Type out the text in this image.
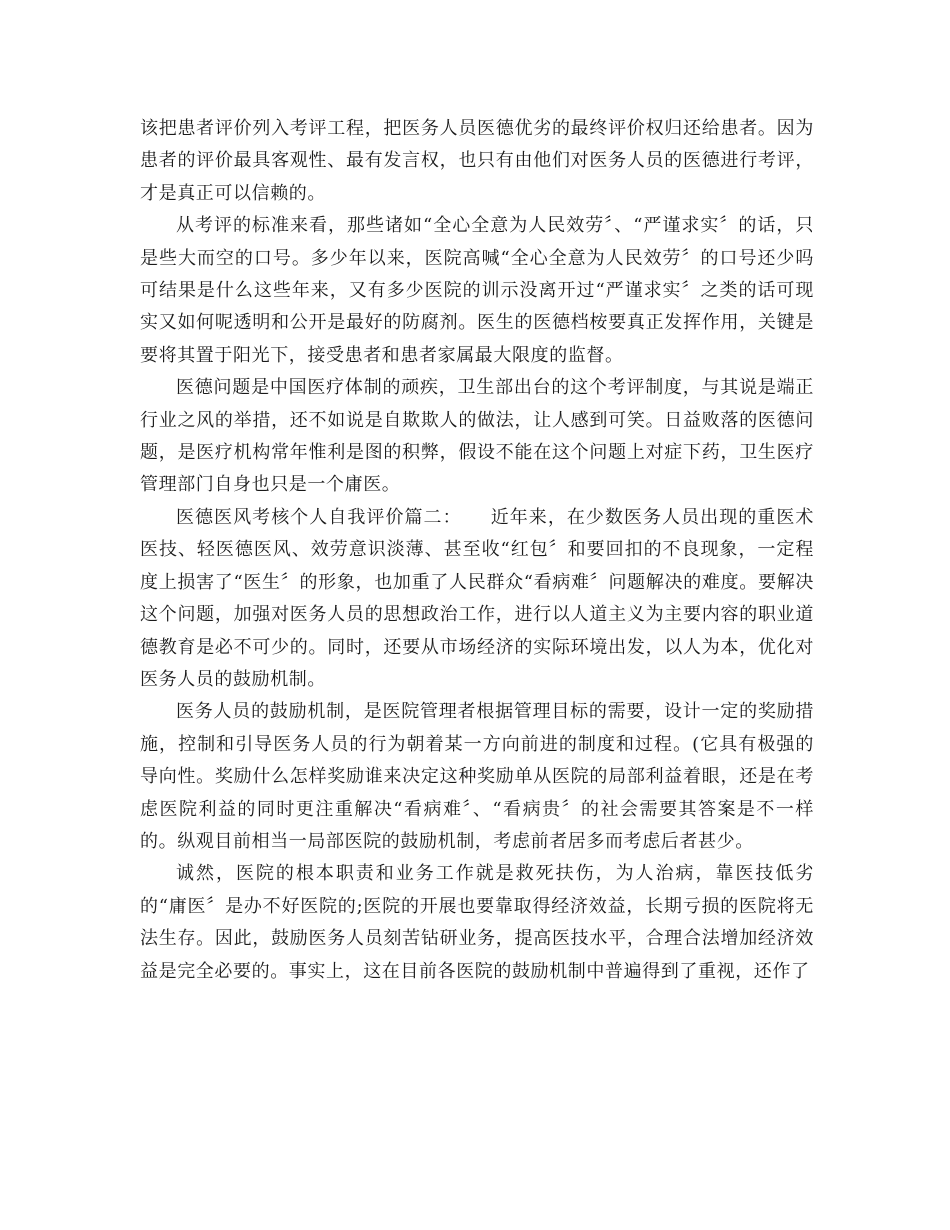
该把患者评价列入考评工程，把医务人员医德优劣的最终评价权归还给患者。因为患者的评价最具客观性、最有发言权，也只有由他们对医务人员的医德进行考评，才是真正可以信赖的。

从考评的标准来看，那些诸如“全心全意为人民效劳〞、“严谨求实〞的话，只是些大而空的口号。多少年以来，医院高喊“全心全意为人民效劳〞的口号还少吗可结果是什么这些年来，又有多少医院的训示没离开过“严谨求实〞之类的话可现实又如何呢透明和公开是最好的防腐剂。医生的医德档桉要真正发挥作用，关键是要将其置于阳光下，接受患者和患者家属最大限度的监督。

医德问题是中国医疗体制的顽疾，卫生部出台的这个考评制度，与其说是端正行业之风的举措，还不如说是自欺欺人的做法，让人感到可笑。日益败落的医德问题，是医疗机构常年惟利是图的积弊，假设不能在这个问题上对症下药，卫生医疗管理部门自身也只是一个庸医。

医德医风考核个人自我评价篇二：　　近年来，在少数医务人员出现的重医术医技、轻医德医风、效劳意识淡薄、甚至收“红包〞和要回扣的不良现象，一定程度上损害了“医生〞的形象，也加重了人民群众“看病难〞问题解决的难度。要解决这个问题，加强对医务人员的思想政治工作，进行以人道主义为主要内容的职业道德教育是必不可少的。同时，还要从市场经济的实际环境出发，以人为本，优化对医务人员的鼓励机制。

医务人员的鼓励机制，是医院管理者根据管理目标的需要，设计一定的奖励措施，控制和引导医务人员的行为朝着某一方向前进的制度和过程。(它具有极强的导向性。奖励什么怎样奖励谁来决定这种奖励单从医院的局部利益着眼，还是在考虑医院利益的同时更注重解决“看病难〞、“看病贵〞的社会需要其答案是不一样的。纵观目前相当一局部医院的鼓励机制，考虑前者居多而考虑后者甚少。

诚然，医院的根本职责和业务工作就是救死扶伤，为人治病，靠医技低劣的“庸医〞是办不好医院的;医院的开展也要靠取得经济效益，长期亏损的医院将无法生存。因此，鼓励医务人员刻苦钻研业务，提高医技水平，合理合法增加经济效益是完全必要的。事实上，这在目前各医院的鼓励机制中普遍得到了重视，还作了
